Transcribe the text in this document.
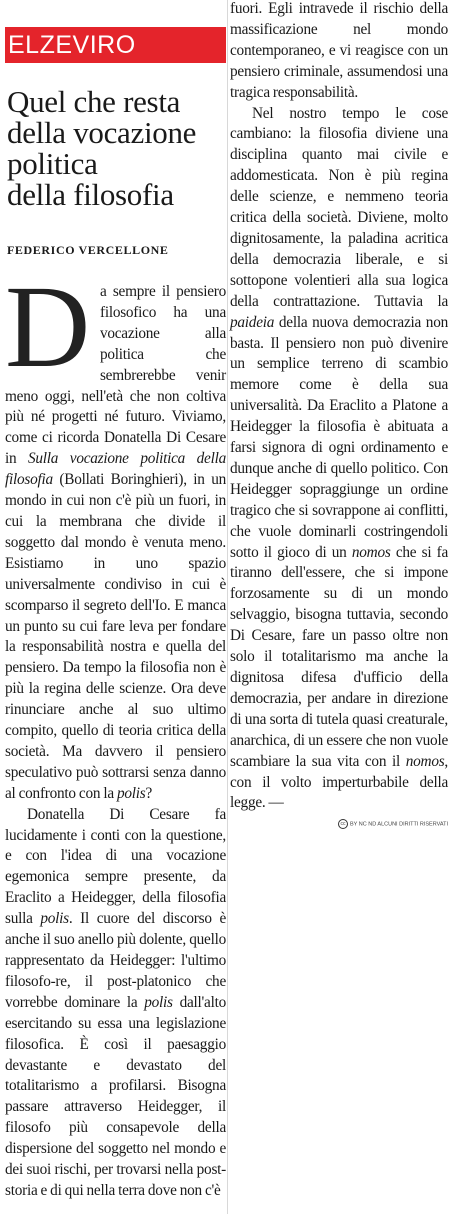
ELZEVIRO
Quel che resta
della vocazione
politica
della filosofia
FEDERICO VERCELLONE

Da sempre il pensiero filosofico ha una vocazione alla politica che sembrerebbe venir meno oggi, nell'età che non coltiva più né progetti né futuro. Viviamo, come ci ricorda Donatella Di Cesare in Sulla vocazione politica della filosofia (Bollati Boringhieri), in un mondo in cui non c'è più un fuori, in cui la membrana che divide il soggetto dal mondo è venuta meno. Esistiamo in uno spazio universalmente condiviso in cui è scomparso il segreto dell'Io. E manca un punto su cui fare leva per fondare la responsabilità nostra e quella del pensiero. Da tempo la filosofia non è più la regina delle scienze. Ora deve rinunciare anche al suo ultimo compito, quello di teoria critica della società. Ma davvero il pensiero speculativo può sottrarsi senza danno al confronto con la polis?

Donatella Di Cesare fa lucidamente i conti con la questione, e con l'idea di una vocazione egemonica sempre presente, da Eraclito a Heidegger, della filosofia sulla polis. Il cuore del discorso è anche il suo anello più dolente, quello rappresentato da Heidegger: l'ultimo filosofo-re, il post-platonico che vorrebbe dominare la polis dall'alto esercitando su essa una legislazione filosofica. È così il paesaggio devastante e devastato del totalitarismo a profilarsi. Bisogna passare attraverso Heidegger, il filosofo più consapevole della dispersione del soggetto nel mondo e dei suoi rischi, per trovarsi nella post-storia e di qui nella terra dove non c'è

fuori. Egli intravede il rischio della massificazione nel mondo contemporaneo, e vi reagisce con un pensiero criminale, assumendosi una tragica responsabilità.

Nel nostro tempo le cose cambiano: la filosofia diviene una disciplina quanto mai civile e addomesticata. Non è più regina delle scienze, e nemmeno teoria critica della società. Diviene, molto dignitosamente, la paladina acritica della democrazia liberale, e si sottopone volentieri alla sua logica della contrattazione. Tuttavia la paideia della nuova democrazia non basta. Il pensiero non può divenire un semplice terreno di scambio memore come è della sua universalità. Da Eraclito a Platone a Heidegger la filosofia è abituata a farsi signora di ogni ordinamento e dunque anche di quello politico. Con Heidegger sopraggiunge un ordine tragico che si sovrappone ai conflitti, che vuole dominarli costringendoli sotto il gioco di un nomos che si fa tiranno dell'essere, che si impone forzosamente su di un mondo selvaggio, bisogna tuttavia, secondo Di Cesare, fare un passo oltre non solo il totalitarismo ma anche la dignitosa difesa d'ufficio della democrazia, per andare in direzione di una sorta di tutela quasi creaturale, anarchica, di un essere che non vuole scambiare la sua vita con il nomos, con il volto imperturbabile della legge. —

cc BY NC ND ALCUNI DIRITTI RISERVATI
